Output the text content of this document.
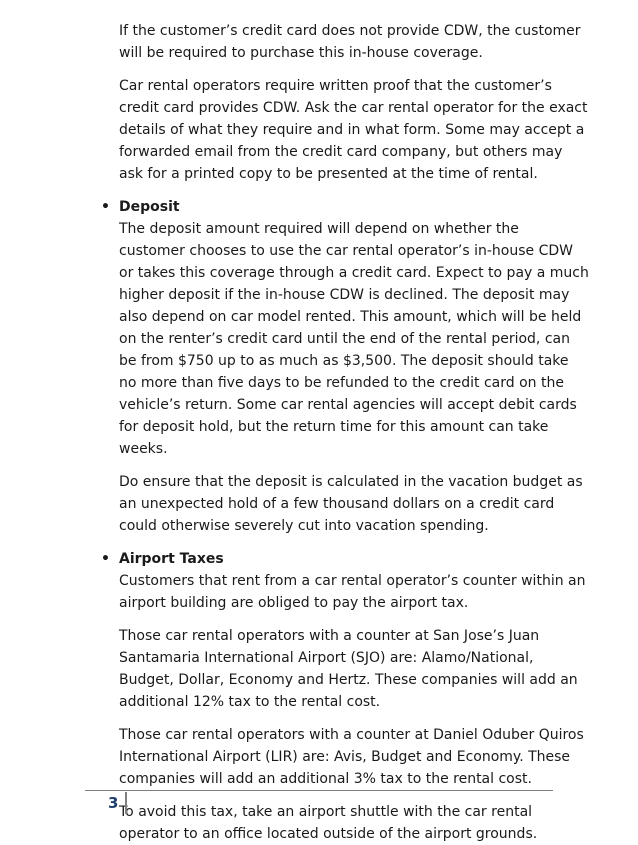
If the customer’s credit card does not provide CDW, the customer will be required to purchase this in-house coverage.

Car rental operators require written proof that the customer’s credit card provides CDW. Ask the car rental operator for the exact details of what they require and in what form. Some may accept a forwarded email from the credit card company, but others may ask for a printed copy to be presented at the time of rental.

• Deposit

The deposit amount required will depend on whether the customer chooses to use the car rental operator’s in-house CDW or takes this coverage through a credit card. Expect to pay a much higher deposit if the in-house CDW is declined. The deposit may also depend on car model rented. This amount, which will be held on the renter’s credit card until the end of the rental period, can be from $750 up to as much as $3,500. The deposit should take no more than five days to be refunded to the credit card on the vehicle’s return. Some car rental agencies will accept debit cards for deposit hold, but the return time for this amount can take weeks.

Do ensure that the deposit is calculated in the vacation budget as an unexpected hold of a few thousand dollars on a credit card could otherwise severely cut into vacation spending.

• Airport Taxes

Customers that rent from a car rental operator’s counter within an airport building are obliged to pay the airport tax.

Those car rental operators with a counter at San Jose’s Juan Santamaria International Airport (SJO) are: Alamo/National, Budget, Dollar, Economy and Hertz. These companies will add an additional 12% tax to the rental cost.

Those car rental operators with a counter at Daniel Oduber Quiros International Airport (LIR) are: Avis, Budget and Economy. These companies will add an additional 3% tax to the rental cost.

To avoid this tax, take an airport shuttle with the car rental operator to an office located outside of the airport grounds.

3
